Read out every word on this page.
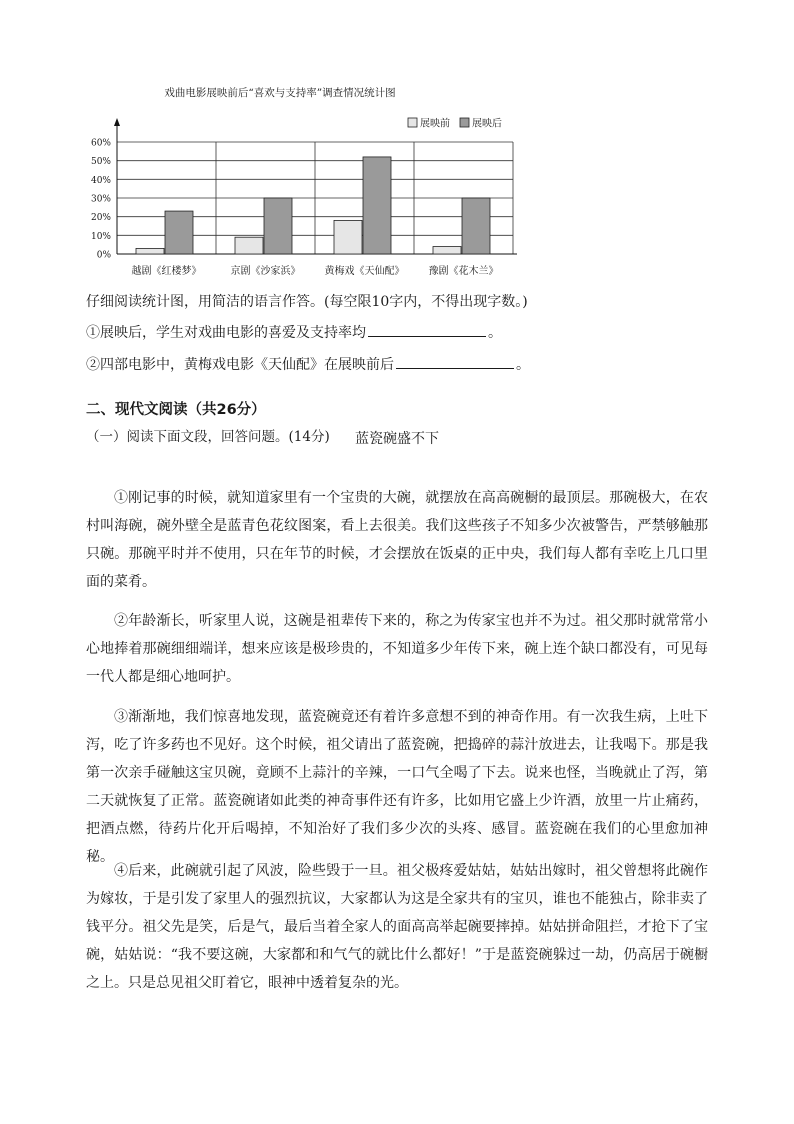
戏曲电影展映前后“喜欢与支持率”调查情况统计图
展映前 展映后
0%
10%
20%
30%
40%
50%
60%
越剧《红楼梦》	京剧《沙家浜》 黄梅戏《天仙配》 豫剧《花木兰》
仔细阅读统计图，用简洁的语言作答。(每空限10字内，不得出现字数。)
①展映后，学生对戏曲电影的喜爱及支持率均	。
②四部电影中，黄梅戏电影《天仙配》在展映前后	。
二、现代文阅读（共26分）
（一）阅读下面文段，回答问题。(14分)	蓝瓷碗盛不下
①刚记事的时候，就知道家里有一个宝贵的大碗，就摆放在高高碗橱的最顶层。那碗极大，在农村叫海碗，碗外壁全是蓝青色花纹图案，看上去很美。我们这些孩子不知多少次被警告，严禁够触那只碗。那碗平时并不使用，只在年节的时候，才会摆放在饭桌的正中央，我们每人都有幸吃上几口里面的菜肴。
②年龄渐长，听家里人说，这碗是祖辈传下来的，称之为传家宝也并不为过。祖父那时就常常小心地捧着那碗细细端详，想来应该是极珍贵的，不知道多少年传下来，碗上连个缺口都没有，可见每一代人都是细心地呵护。
③渐渐地，我们惊喜地发现，蓝瓷碗竟还有着许多意想不到的神奇作用。有一次我生病，上吐下泻，吃了许多药也不见好。这个时候，祖父请出了蓝瓷碗，把捣碎的蒜汁放进去，让我喝下。那是我第一次亲手碰触这宝贝碗，竟顾不上蒜汁的辛辣，一口气全喝了下去。说来也怪，当晚就止了泻，第二天就恢复了正常。蓝瓷碗诸如此类的神奇事件还有许多，比如用它盛上少许酒，放里一片止痛药，把酒点燃，待药片化开后喝掉，不知治好了我们多少次的头疼、感冒。蓝瓷碗在我们的心里愈加神秘。
④后来，此碗就引起了风波，险些毁于一旦。祖父极疼爱姑姑，姑姑出嫁时，祖父曾想将此碗作为嫁妆，于是引发了家里人的强烈抗议，大家都认为这是全家共有的宝贝，谁也不能独占，除非卖了钱平分。祖父先是笑，后是气，最后当着全家人的面高高举起碗要摔掉。姑姑拼命阻拦，才抢下了宝碗，姑姑说：“我不要这碗，大家都和和气气的就比什么都好！”于是蓝瓷碗躲过一劫，仍高居于碗橱之上。只是总见祖父盯着它，眼神中透着复杂的光。
